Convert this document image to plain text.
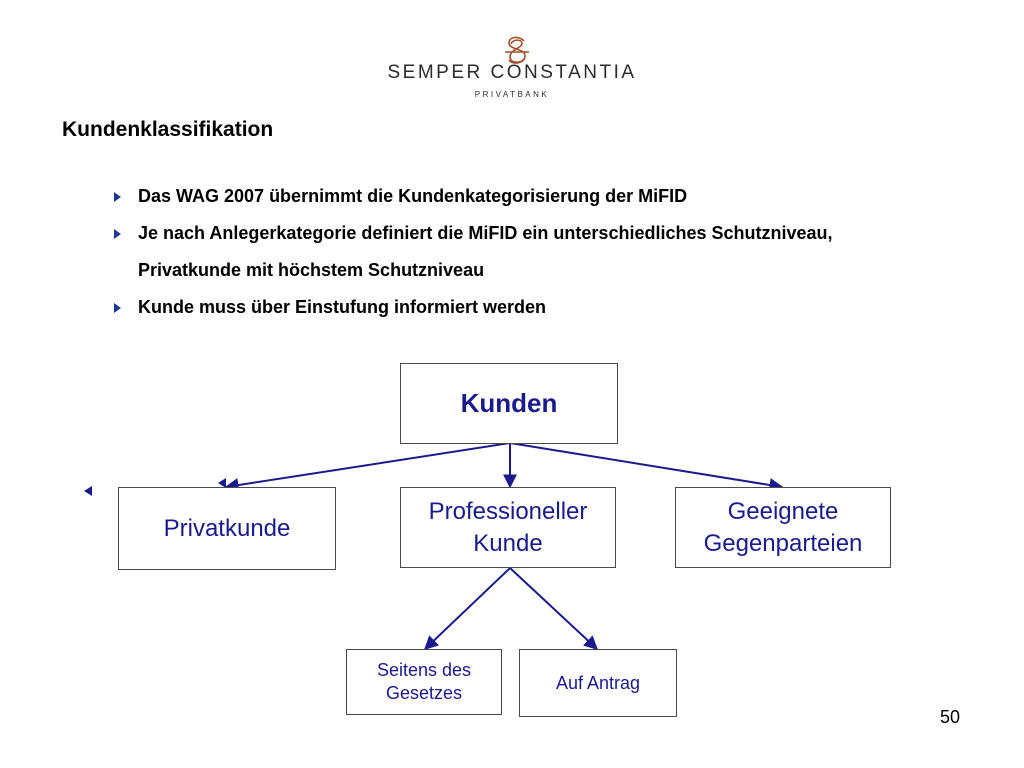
SEMPER CONSTANTIA
PRIVATBANK
Kundenklassifikation
Das WAG 2007 übernimmt die Kundenkategorisierung der MiFID
Je nach Anlegerkategorie definiert die MiFID ein unterschiedliches Schutzniveau, Privatkunde mit höchstem Schutzniveau
Kunde muss über Einstufung informiert werden
Kunden
Privatkunde
Professioneller Kunde
Geeignete Gegenparteien
Seitens des Gesetzes
Auf Antrag
50
